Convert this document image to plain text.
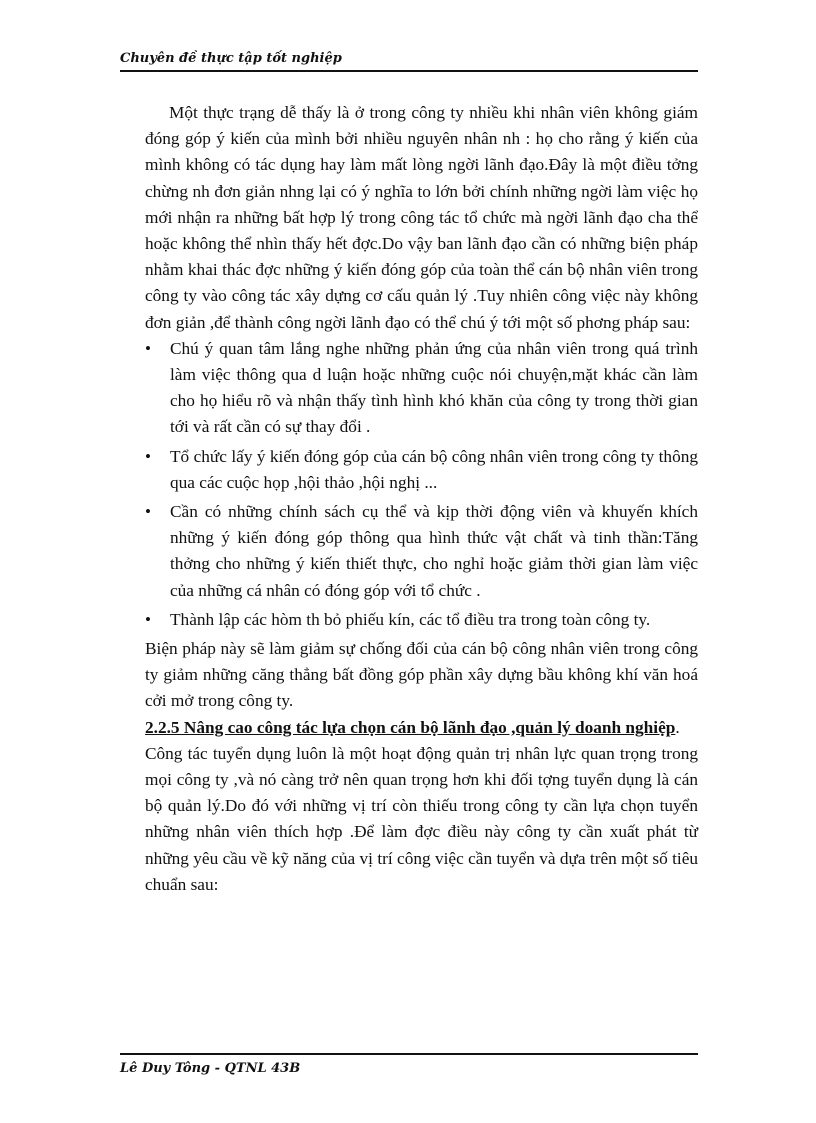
Chuyên đề thực tập tốt nghiệp

Một thực trạng dễ thấy là ở trong công ty nhiều khi nhân viên không giám đóng góp ý kiến của mình bởi nhiều nguyên nhân nh : họ cho rằng ý kiến của mình không có tác dụng hay làm mất lòng ngời lãnh đạo.Đây là một điều tởng chừng nh đơn giản nhng lại có ý nghĩa to lớn bởi chính những ngời làm việc họ mới nhận ra những bất hợp lý trong công tác tổ chức mà ngời lãnh đạo cha thể hoặc không thể nhìn thấy hết đợc.Do vậy ban lãnh đạo cần có những biện pháp nhằm khai thác đợc những ý kiến đóng góp của toàn thể cán bộ nhân viên trong công ty vào công tác xây dựng cơ cấu quản lý .Tuy nhiên công việc này không đơn giản ,để thành công ngời lãnh đạo có thể chú ý tới một số phơng pháp sau:

• Chú ý quan tâm lắng nghe những phản ứng của nhân viên trong quá trình làm việc thông qua d luận hoặc những cuộc nói chuyện,mặt khác cần làm cho họ hiểu rõ và nhận thấy tình hình khó khăn của công ty trong thời gian tới và rất cần có sự thay đổi .
• Tổ chức lấy ý kiến đóng góp của cán bộ công nhân viên trong công ty thông qua các cuộc họp ,hội thảo ,hội nghị ...
• Cần có những chính sách cụ thể và kịp thời động viên và khuyến khích những ý kiến đóng góp thông qua hình thức vật chất và tinh thần:Tăng thởng cho những ý kiến thiết thực, cho nghỉ hoặc giảm thời gian làm việc của những cá nhân có đóng góp với tổ chức .
• Thành lập các hòm th bỏ phiếu kín, các tổ điều tra trong toàn công ty.

Biện pháp này sẽ làm giảm sự chống đối của cán bộ công nhân viên trong công ty giảm những căng thẳng bất đồng góp phần xây dựng bầu không khí văn hoá cởi mở trong công ty.

2.2.5 Nâng cao công tác lựa chọn cán bộ lãnh đạo ,quản lý doanh nghiệp.

Công tác tuyển dụng luôn là một hoạt động quản trị nhân lực quan trọng trong mọi công ty ,và nó càng trở nên quan trọng hơn khi đối tợng tuyển dụng là cán bộ quản lý.Do đó với những vị trí còn thiếu trong công ty cần lựa chọn tuyển những nhân viên thích hợp .Để làm đợc điều này công ty cần xuất phát từ những yêu cầu về kỹ năng của vị trí công việc cần tuyển và dựa trên một số tiêu chuẩn sau:

Lê Duy Tông - QTNL 43B
